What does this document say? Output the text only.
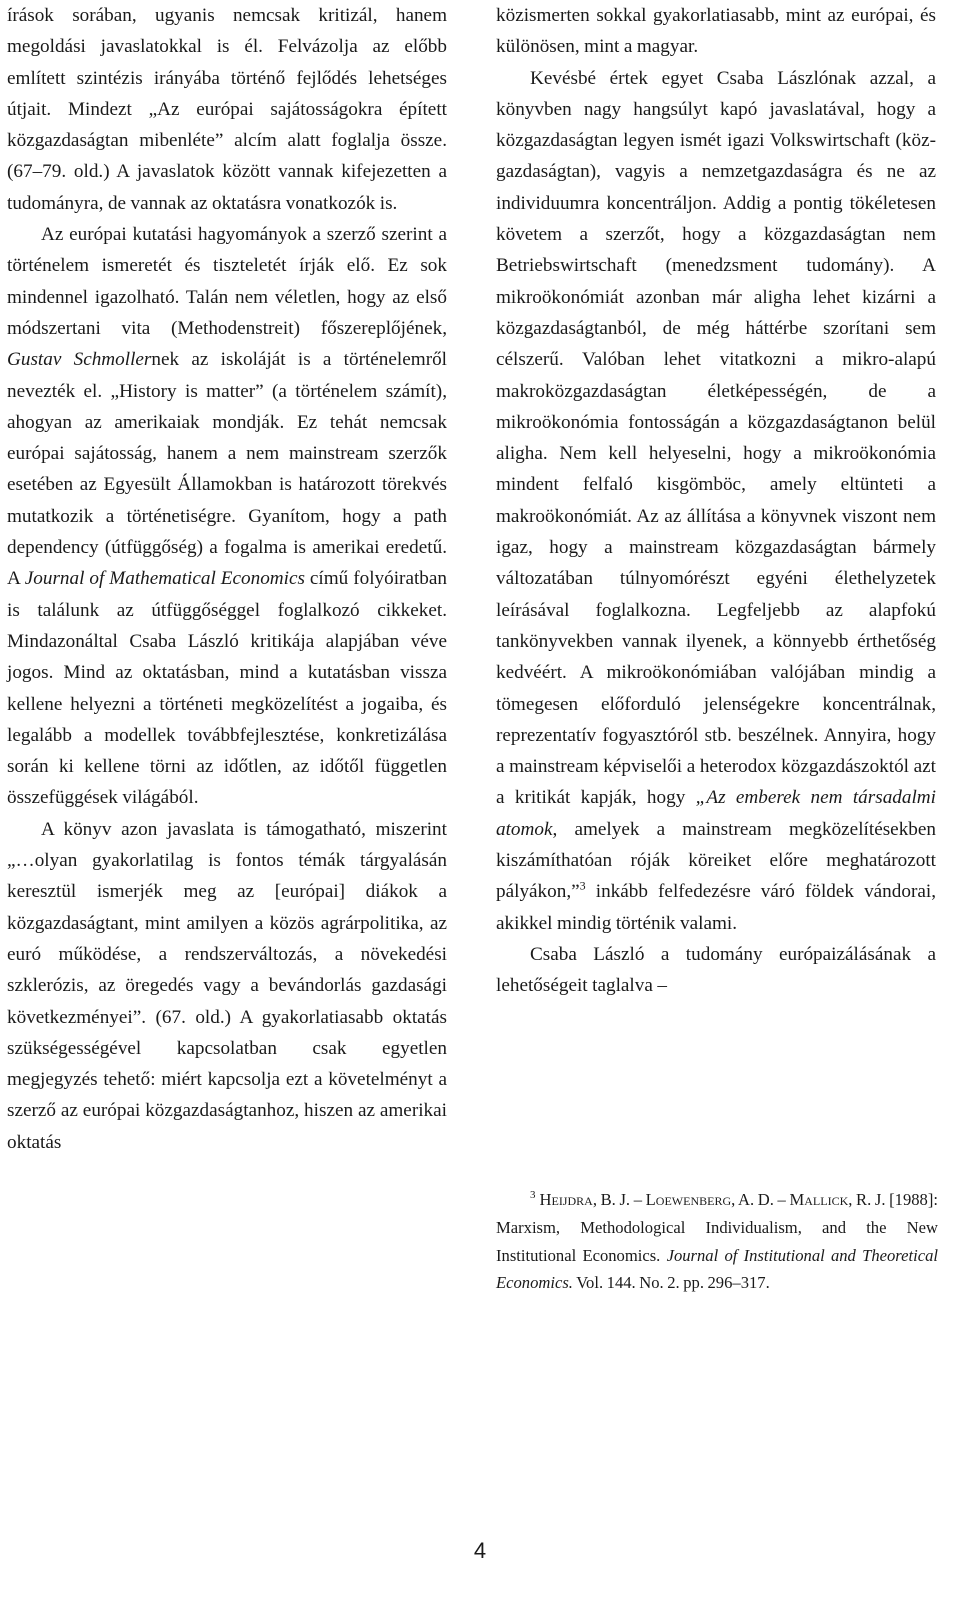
írások sorában, ugyanis nemcsak kritizál, hanem megoldási javaslatokkal is él. Felvázolja az előbb említett szintézis irányába történő fejlődés lehetséges útjait. Mindezt „Az európai sajátosságokra épített közgazdaságtan mibenléte” alcím alatt foglalja össze. (67–79. old.) A javaslatok között vannak kifejezetten a tudományra, de vannak az oktatásra vonatkozók is.

Az európai kutatási hagyományok a szerző szerint a történelem ismeretét és tiszteletét írják elő. Ez sok mindennel igazolható. Talán nem véletlen, hogy az első módszertani vita (Methodenstreit) főszereplőjének, Gustav Schmollernek az iskoláját is a történelemről nevezték el. „History is matter” (a történelem számít), ahogyan az amerikaiak mondják. Ez tehát nemcsak európai sajátosság, hanem a nem mainstream szerzők esetében az Egyesült Államokban is határozott törekvés mutatkozik a történetiségre. Gyanítom, hogy a path dependency (útfüggőség) a fogalma is amerikai eredetű. A Journal of Mathematical Economics című folyóiratban is találunk az útfüggőséggel foglalkozó cikkeket. Mindazonáltal Csaba László kritikája alapjában véve jogos. Mind az oktatásban, mind a kutatásban vissza kellene helyezni a történeti megközelítést a jogaiba, és legalább a modellek továbbfejlesztése, konkretizálása során ki kellene törni az időtlen, az időtől független összefüggések világából.

A könyv azon javaslata is támogatható, miszerint „…olyan gyakorlatilag is fontos témák tárgyalásán keresztül ismerjék meg az [európai] diákok a közgazdaságtant, mint amilyen a közös agrárpolitika, az euró működése, a rendszerváltozás, a növekedési szklerózis, az öregedés vagy a bevándorlás gazdasági következményei”. (67. old.) A gyakorlatiasabb oktatás szükségességével kapcsolatban csak egyetlen megjegyzés tehető: miért kapcsolja ezt a követelményt a szerző az európai közgazdaságtanhoz, hiszen az amerikai oktatás

közismerten sokkal gyakorlatiasabb, mint az európai, és különösen, mint a magyar.

Kevésbé értek egyet Csaba Lászlónak azzal, a könyvben nagy hangsúlyt kapó javaslatával, hogy a közgazdaságtan legyen ismét igazi Volkswirtschaft (köz-gazdaságtan), vagyis a nemzetgazdaságra és ne az individuumra koncentráljon. Addig a pontig tökéletesen követem a szerzőt, hogy a közgazdaságtan nem Betriebswirtschaft (menedzsment tudomány). A mikroökonómiát azonban már aligha lehet kizárni a közgazdaságtanból, de még háttérbe szorítani sem célszerű. Valóban lehet vitatkozni a mikro-alapú makroközgazdaságtan életképességén, de a mikroökonómia fontosságán a közgazdaságtanon belül aligha. Nem kell helyeselni, hogy a mikroökonómia mindent felfaló kisgömböc, amely eltünteti a makroökonómiát. Az az állítása a könyvnek viszont nem igaz, hogy a mainstream közgazdaságtan bármely változatában túlnyomórészt egyéni élethelyzetek leírásával foglalkozna. Legfeljebb az alapfokú tankönyvekben vannak ilyenek, a könnyebb érthetőség kedvéért. A mikroökonómiában valójában mindig a tömegesen előforduló jelenségekre koncentrálnak, reprezentatív fogyasztóról stb. beszélnek. Annyira, hogy a mainstream képviselői a heterodox közgazdászoktól azt a kritikát kapják, hogy „Az emberek nem társadalmi atomok, amelyek a mainstream megközelítésekben kiszámíthatóan róják köreiket előre meghatározott pályákon,”$^3$ inkább felfedezésre váró földek vándorai, akikkel mindig történik valami.

Csaba László a tudomány európaizálásának a lehetőségeit taglalva –

$^3$ Heijdra, B. J. – Loewenberg, A. D. – Mallick, R. J. [1988]: Marxism, Methodological Individualism, and the New Institutional Economics. Journal of Institutional and Theoretical Economics. Vol. 144. No. 2. pp. 296–317.
4
